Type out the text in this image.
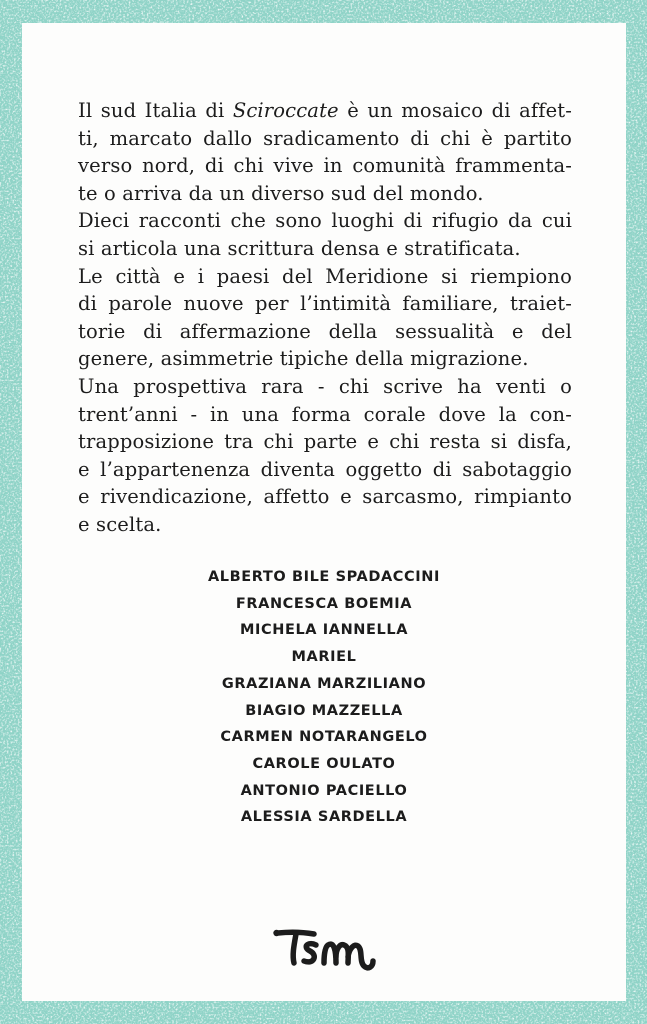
Il sud Italia di Sciroccate è un mosaico di affet-
ti, marcato dallo sradicamento di chi è partito
verso nord, di chi vive in comunità frammenta-
te o arriva da un diverso sud del mondo.
Dieci racconti che sono luoghi di rifugio da cui
si articola una scrittura densa e stratificata.
Le città e i paesi del Meridione si riempiono
di parole nuove per l’intimità familiare, traiet-
torie di affermazione della sessualità e del
genere, asimmetrie tipiche della migrazione.
Una prospettiva rara - chi scrive ha venti o
trent’anni - in una forma corale dove la con-
trapposizione tra chi parte e chi resta si disfa,
e l’appartenenza diventa oggetto di sabotaggio
e rivendicazione, affetto e sarcasmo, rimpianto
e scelta.

ALBERTO BILE SPADACCINI
FRANCESCA BOEMIA
MICHELA IANNELLA
MARIEL
GRAZIANA MARZILIANO
BIAGIO MAZZELLA
CARMEN NOTARANGELO
CAROLE OULATO
ANTONIO PACIELLO
ALESSIA SARDELLA
